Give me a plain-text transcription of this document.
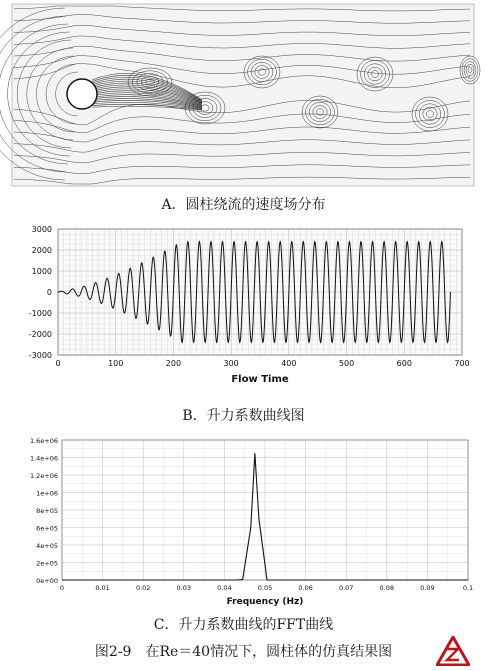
A．圆柱绕流的速度场分布
3000
2000
1000
0
-1000
-2000
-3000
0	100	200	300	400	500	600	700
Flow Time
B．升力系数曲线图
1.6e+06
1.4e+06
1.2e+06
1e+06
8e+05
6e+05
4e+05
2e+05
0e+00
0	0.01	0.02	0.03	0.04	0.05	0.06	0.07	0.08	0.09	0.1
Frequency (Hz)
C．升力系数曲线的FFT曲线
图2-9　在Re＝40情况下，圆柱体的仿真结果图
